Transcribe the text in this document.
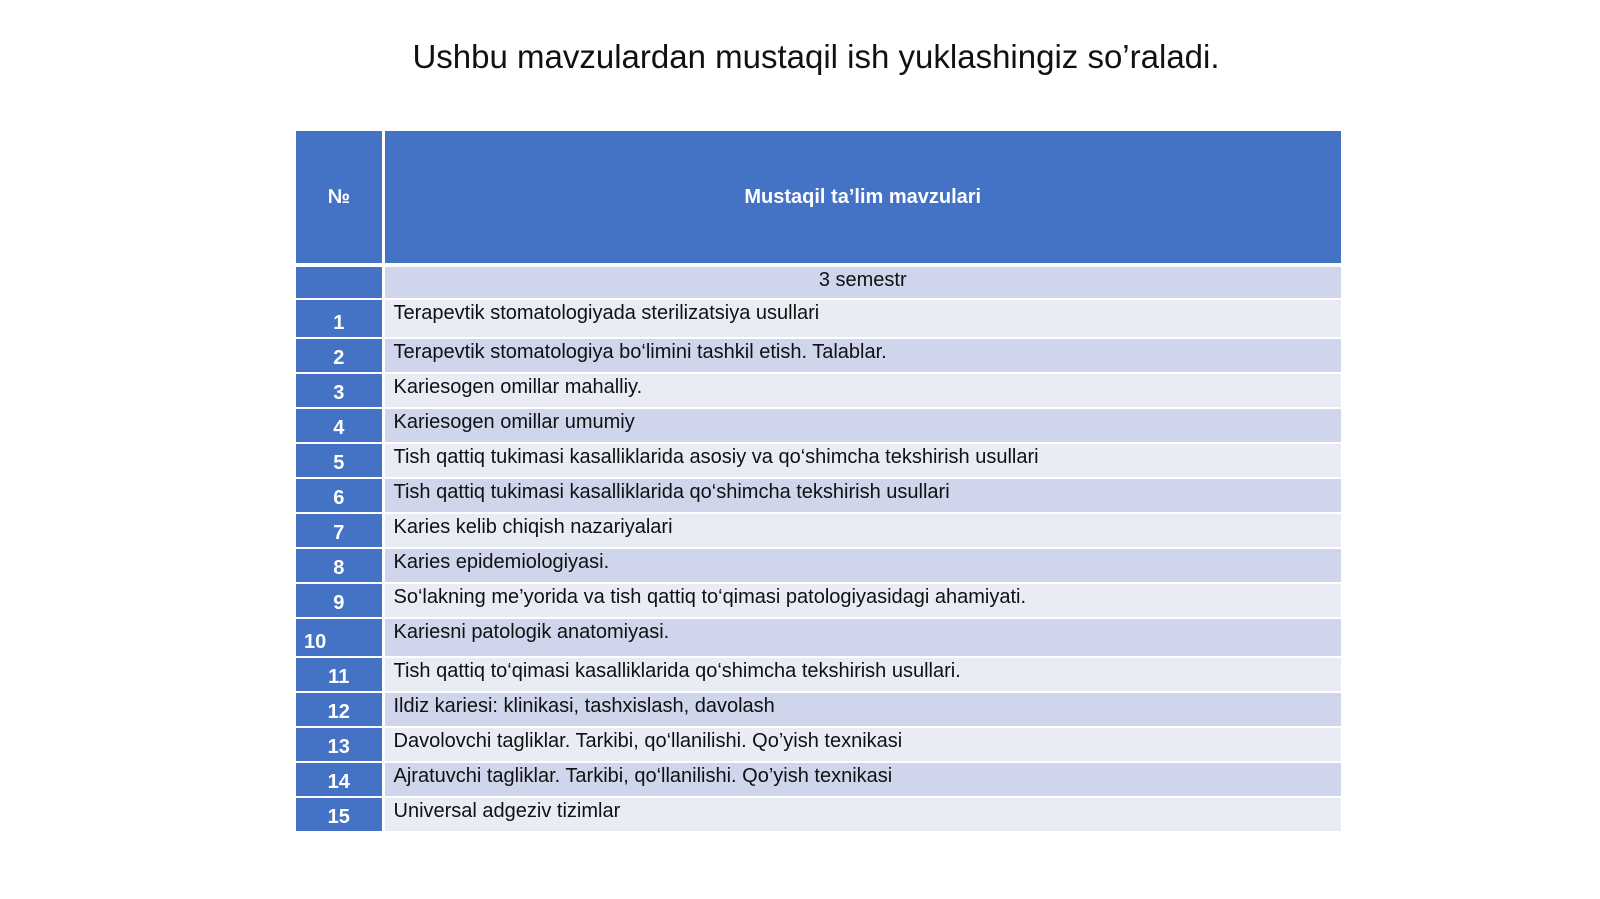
Ushbu mavzulardan mustaqil ish yuklashingiz so’raladi.
№	Mustaqil ta’lim mavzulari
	3 semestr
1	Terapevtik stomatologiyada sterilizatsiya usullari
2	Terapevtik stomatologiya bo‘limini tashkil etish. Talablar.
3	Kariesogen omillar mahalliy.
4	Kariesogen omillar umumiy
5	Tish qattiq tukimasi kasalliklarida asosiy va qo‘shimcha tekshirish usullari
6	Tish qattiq tukimasi kasalliklarida qo‘shimcha tekshirish usullari
7	Karies kelib chiqish nazariyalari
8	Karies epidemiologiyasi.
9	So‘lakning me’yorida va tish qattiq to‘qimasi patologiyasidagi ahamiyati.
10	Kariesni patologik anatomiyasi.
11	Tish qattiq to‘qimasi kasalliklarida qo‘shimcha tekshirish usullari.
12	Ildiz kariesi: klinikasi, tashxislash, davolash
13	Davolovchi tagliklar. Tarkibi, qo‘llanilishi. Qo’yish texnikasi
14	Ajratuvchi tagliklar. Tarkibi, qo‘llanilishi. Qo’yish texnikasi
15	Universal adgeziv tizimlar
